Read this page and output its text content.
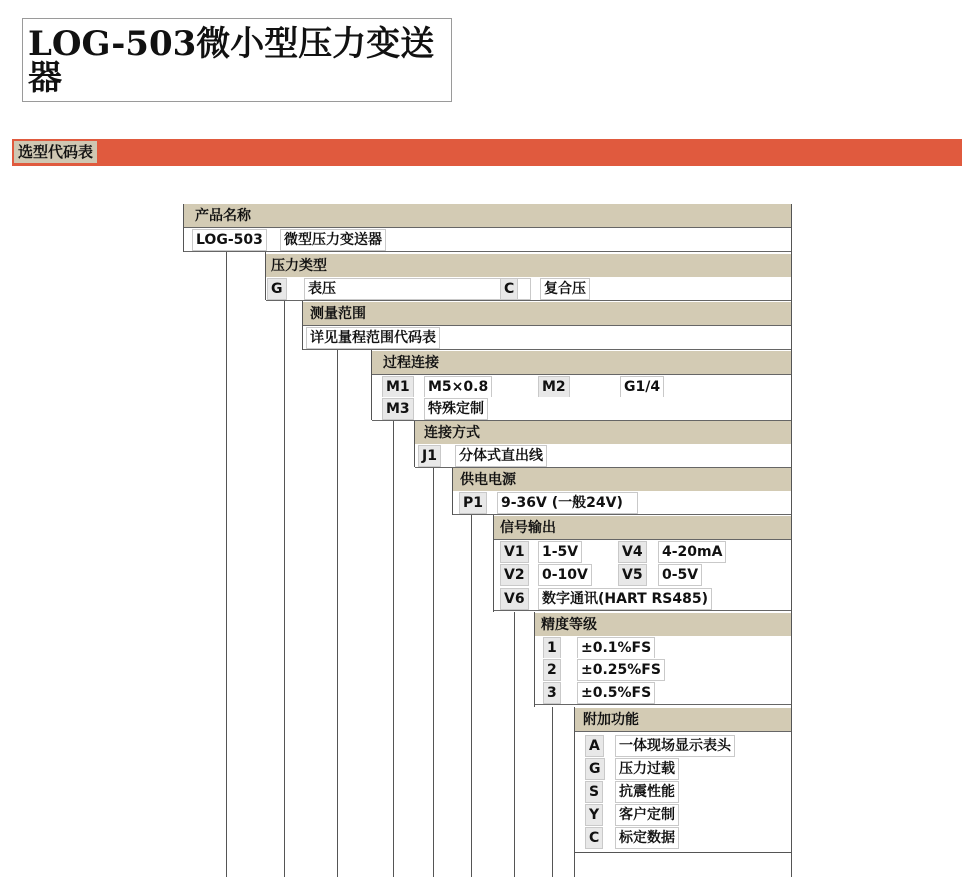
LOG-503微小型压力变送器
选型代码表
产品名称
LOG-503 微型压力变送器
压力类型
G 表压	C 复合压
测量范围
详见量程范围代码表
过程连接
M1 M5×0.8	M2	G1/4
M3 特殊定制
连接方式
J1 分体式直出线
供电电源
P1 9-36V (一般24V)
信号输出
V1 1-5V	V4 4-20mA
V2 0-10V V5 0-5V
V6 数字通讯(HART RS485)
精度等级
1 ±0.1%FS
2 ±0.25%FS
3 ±0.5%FS
附加功能
A 一体现场显示表头
G 压力过载
S 抗震性能
Y 客户定制
C 标定数据
